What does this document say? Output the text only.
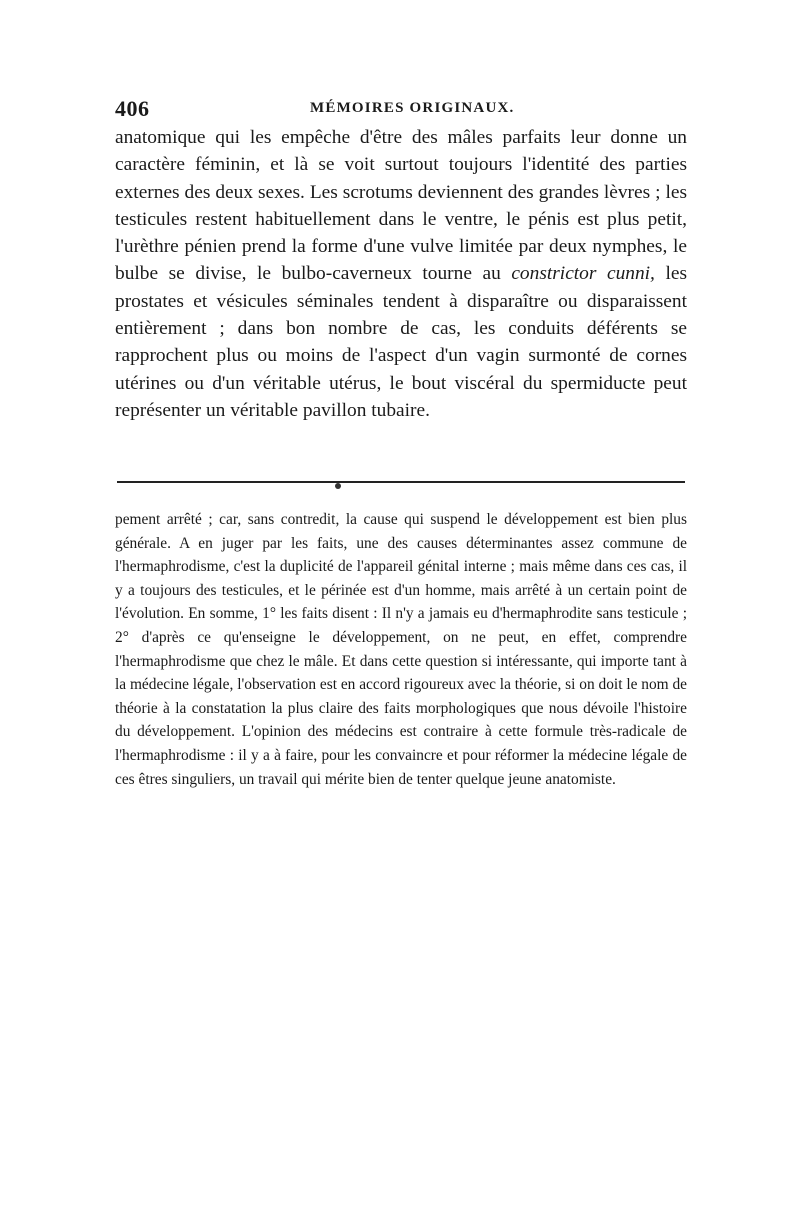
406	MÉMOIRES ORIGINAUX.

anatomique qui les empêche d'être des mâles parfaits leur donne un caractère féminin, et là se voit surtout toujours l'identité des parties externes des deux sexes. Les scrotums deviennent des grandes lèvres ; les testicules restent habituellement dans le ventre, le pénis est plus petit, l'urèthre pénien prend la forme d'une vulve limitée par deux nymphes, le bulbe se divise, le bulbo-caverneux tourne au constrictor cunni, les prostates et vésicules séminales tendent à disparaître ou disparaissent entièrement ; dans bon nombre de cas, les conduits déférents se rapprochent plus ou moins de l'aspect d'un vagin surmonté de cornes utérines ou d'un véritable utérus, le bout viscéral du spermiducte peut représenter un véritable pavillon tubaire.

pement arrêté ; car, sans contredit, la cause qui suspend le développement est bien plus générale. A en juger par les faits, une des causes déterminantes assez commune de l'hermaphrodisme, c'est la duplicité de l'appareil génital interne ; mais même dans ces cas, il y a toujours des testicules, et le périnée est d'un homme, mais arrêté à un certain point de l'évolution. En somme, 1° les faits disent : Il n'y a jamais eu d'hermaphrodite sans testicule ; 2° d'après ce qu'enseigne le développement, on ne peut, en effet, comprendre l'hermaphrodisme que chez le mâle. Et dans cette question si intéressante, qui importe tant à la médecine légale, l'observation est en accord rigoureux avec la théorie, si on doit le nom de théorie à la constatation la plus claire des faits morphologiques que nous dévoile l'histoire du développement. L'opinion des médecins est contraire à cette formule très-radicale de l'hermaphrodisme : il y a à faire, pour les convaincre et pour réformer la médecine légale de ces êtres singuliers, un travail qui mérite bien de tenter quelque jeune anatomiste.
